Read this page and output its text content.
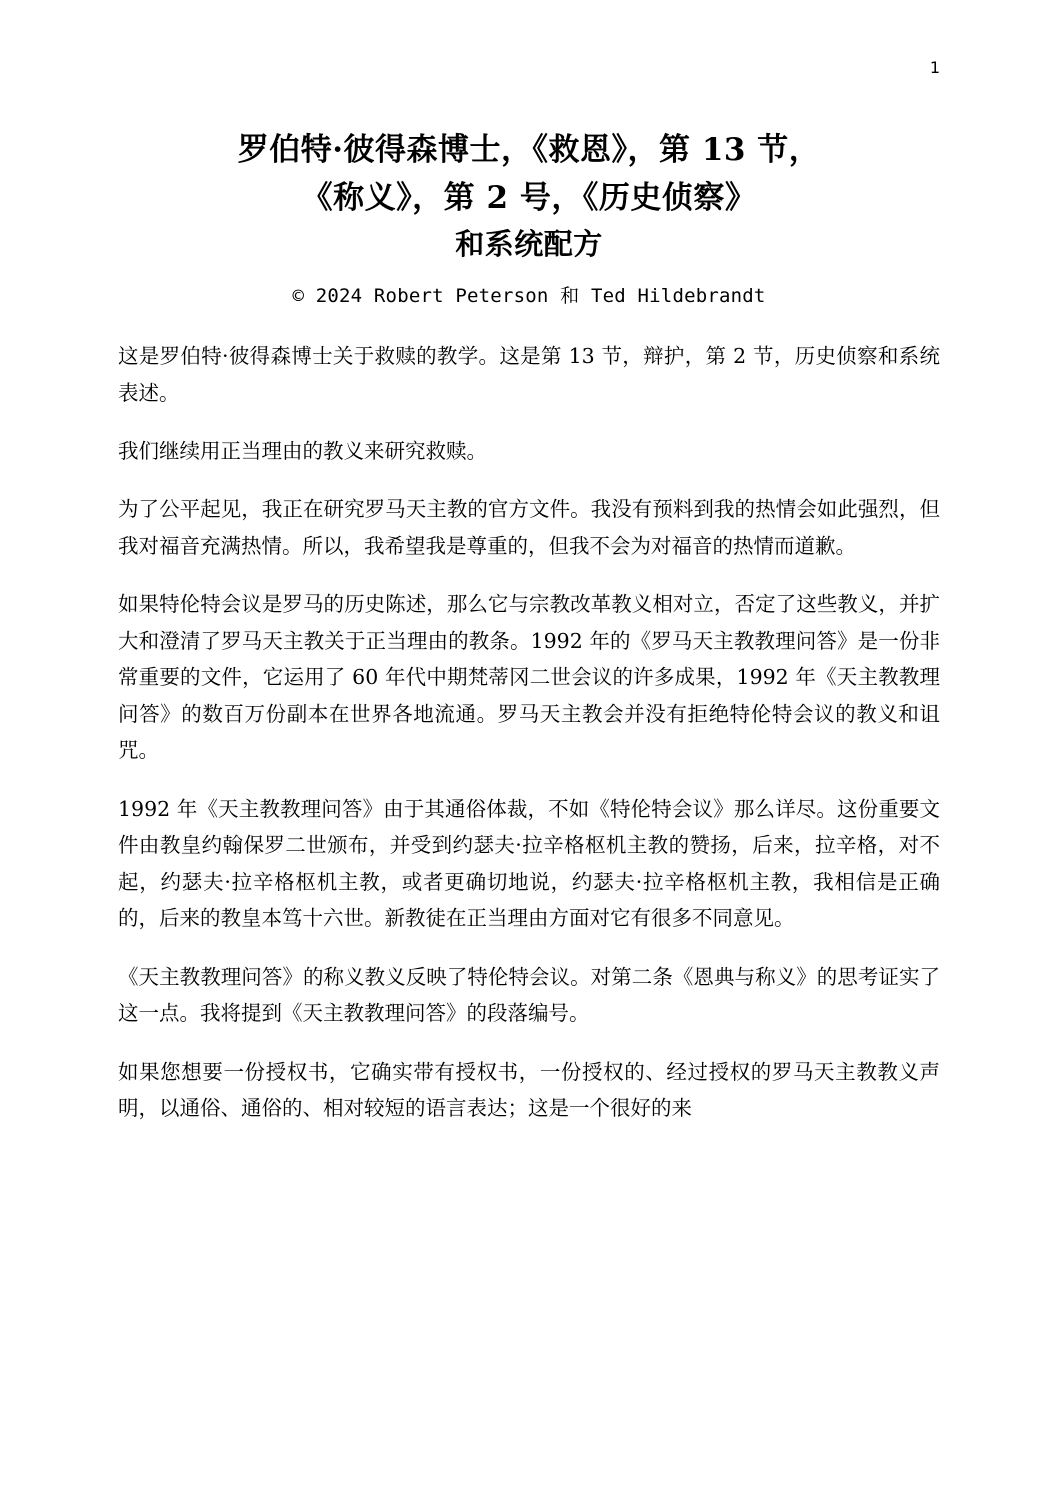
1
罗伯特·彼得森博士，《救恩》，第 13 节，
《称义》，第 2 号，《历史侦察》
和系统配方
© 2024 Robert Peterson 和 Ted Hildebrandt

这是罗伯特·彼得森博士关于救赎的教学。这是第 13 节，辩护，第 2 节，历史侦察和系统表述。

我们继续用正当理由的教义来研究救赎。

为了公平起见，我正在研究罗马天主教的官方文件。我没有预料到我的热情会如此强烈，但我对福音充满热情。所以，我希望我是尊重的，但我不会为对福音的热情而道歉。

如果特伦特会议是罗马的历史陈述，那么它与宗教改革教义相对立，否定了这些教义，并扩大和澄清了罗马天主教关于正当理由的教条。1992 年的《罗马天主教教理问答》是一份非常重要的文件，它运用了 60 年代中期梵蒂冈二世会议的许多成果，1992 年《天主教教理问答》的数百万份副本在世界各地流通。罗马天主教会并没有拒绝特伦特会议的教义和诅咒。

1992 年《天主教教理问答》由于其通俗体裁，不如《特伦特会议》那么详尽。这份重要文件由教皇约翰保罗二世颁布，并受到约瑟夫·拉辛格枢机主教的赞扬，后来，拉辛格，对不起，约瑟夫·拉辛格枢机主教，或者更确切地说，约瑟夫·拉辛格枢机主教，我相信是正确的，后来的教皇本笃十六世。新教徒在正当理由方面对它有很多不同意见。

《天主教教理问答》的称义教义反映了特伦特会议。对第二条《恩典与称义》的思考证实了这一点。我将提到《天主教教理问答》的段落编号。

如果您想要一份授权书，它确实带有授权书，一份授权的、经过授权的罗马天主教教义声明，以通俗、通俗的、相对较短的语言表达；这是一个很好的来
